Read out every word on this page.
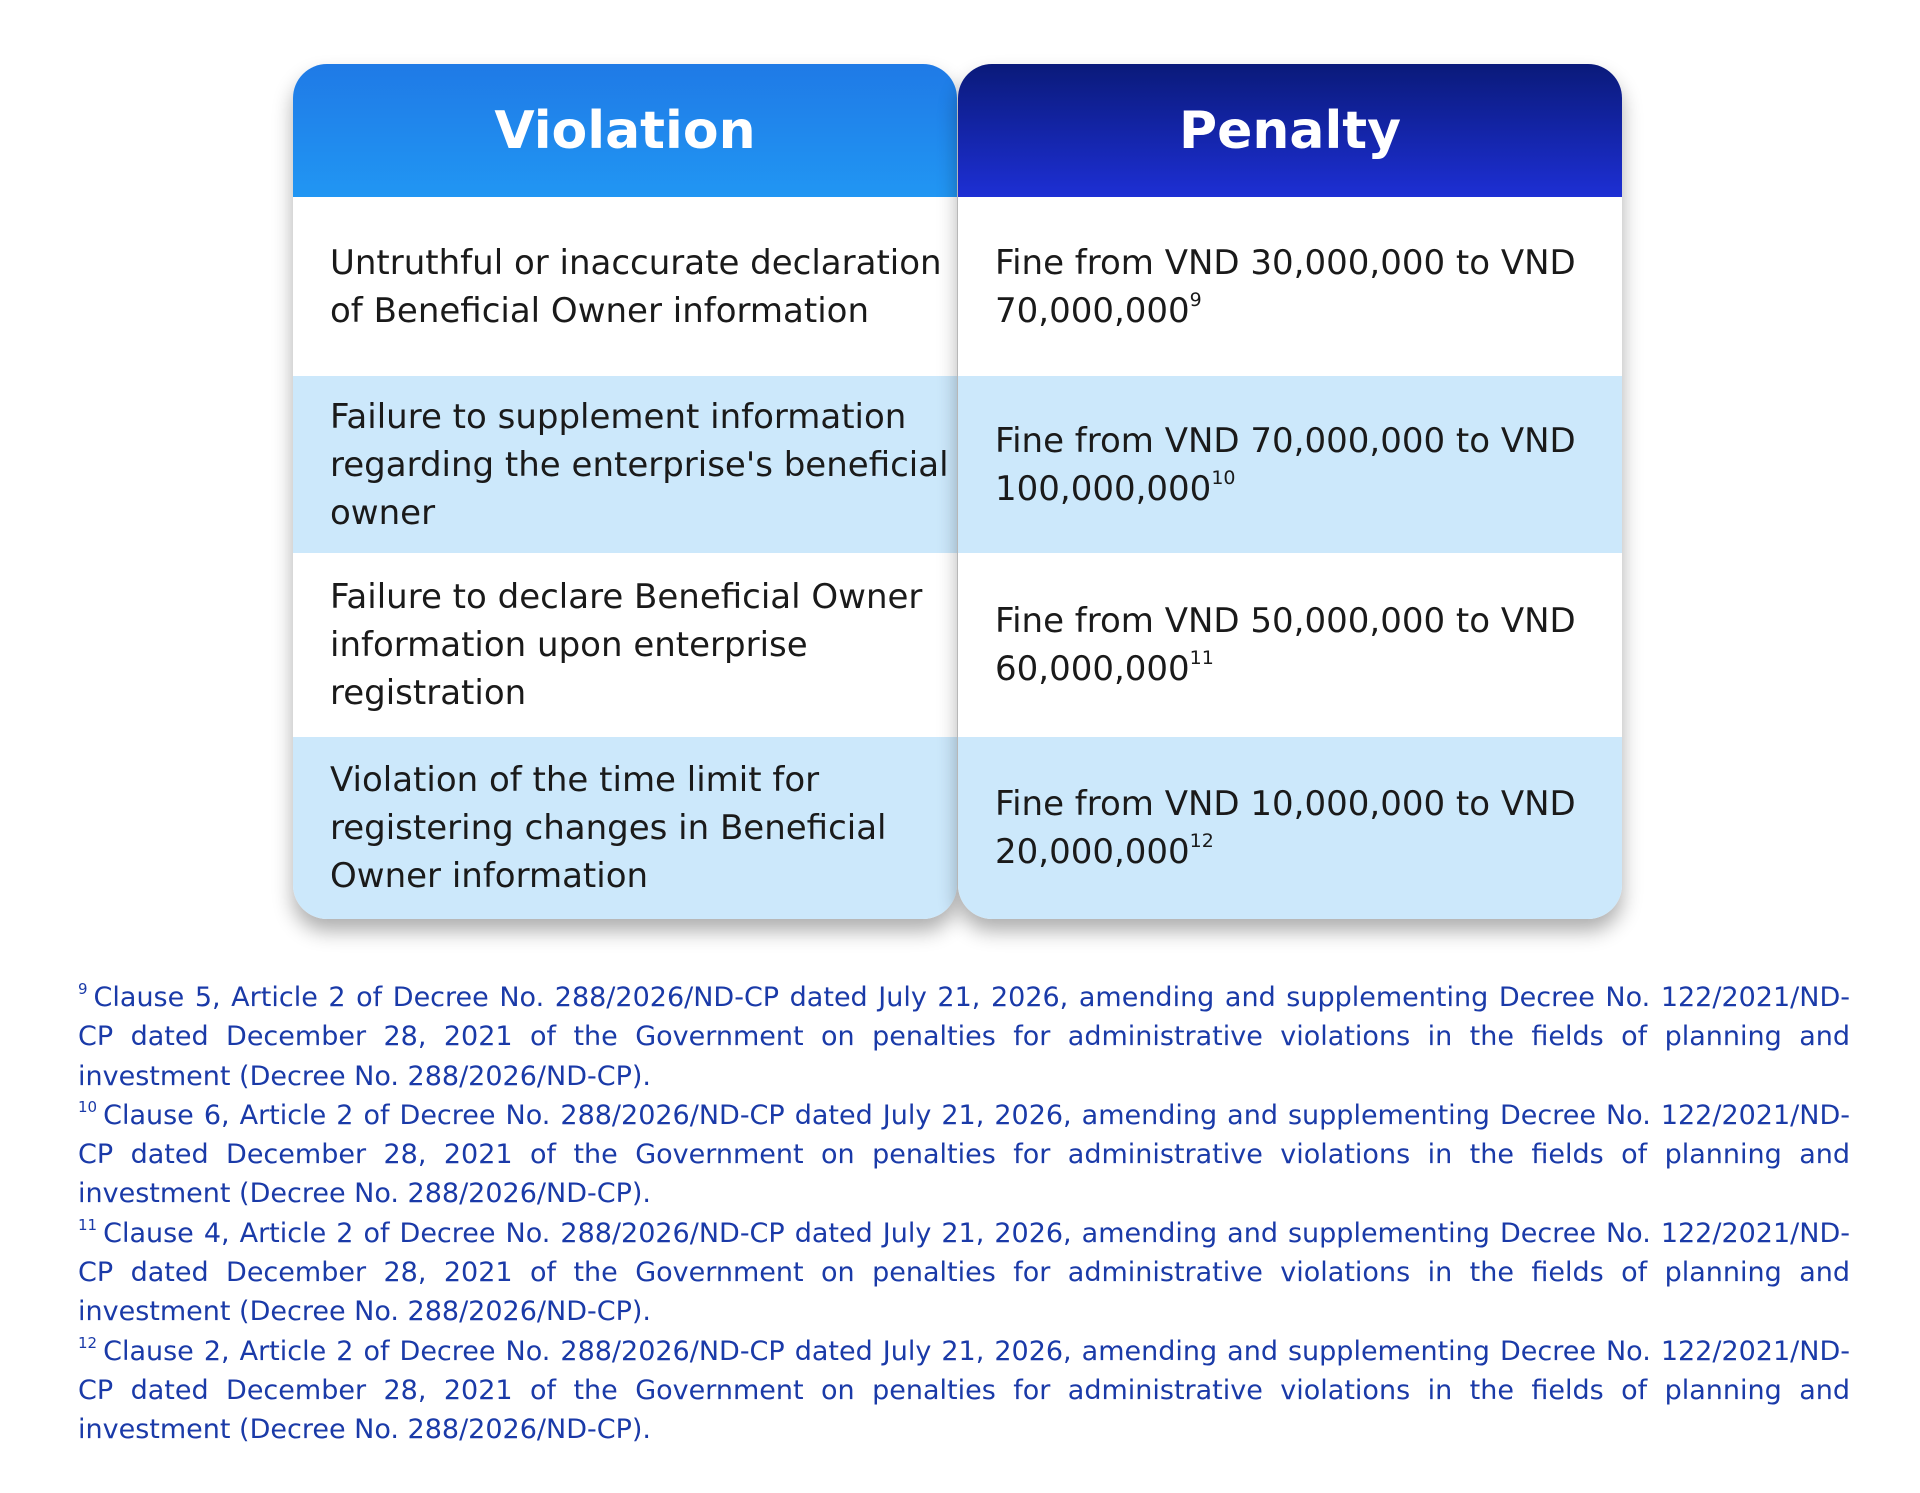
Violation
Untruthful or inaccurate declaration of Beneficial Owner information
Failure to supplement information regarding the enterprise's beneficial owner
Failure to declare Beneficial Owner information upon enterprise registration
Violation of the time limit for registering changes in Beneficial Owner information
Penalty
Fine from VND 30,000,000 to VND 70,000,000$^9$
Fine from VND 70,000,000 to VND 100,000,000$^{10}$
Fine from VND 50,000,000 to VND 60,000,000$^{11}$
Fine from VND 10,000,000 to VND 20,000,000$^{12}$

$^9$ Clause 5, Article 2 of Decree No. 288/2026/ND-CP dated July 21, 2026, amending and supplementing Decree No. 122/2021/ND-CP dated December 28, 2021 of the Government on penalties for administrative violations in the fields of planning and investment (Decree No. 288/2026/ND-CP).

$^{10}$ Clause 6, Article 2 of Decree No. 288/2026/ND-CP dated July 21, 2026, amending and supplementing Decree No. 122/2021/ND-CP dated December 28, 2021 of the Government on penalties for administrative violations in the fields of planning and investment (Decree No. 288/2026/ND-CP).

$^{11}$ Clause 4, Article 2 of Decree No. 288/2026/ND-CP dated July 21, 2026, amending and supplementing Decree No. 122/2021/ND-CP dated December 28, 2021 of the Government on penalties for administrative violations in the fields of planning and investment (Decree No. 288/2026/ND-CP).

$^{12}$ Clause 2, Article 2 of Decree No. 288/2026/ND-CP dated July 21, 2026, amending and supplementing Decree No. 122/2021/ND-CP dated December 28, 2021 of the Government on penalties for administrative violations in the fields of planning and investment (Decree No. 288/2026/ND-CP).
